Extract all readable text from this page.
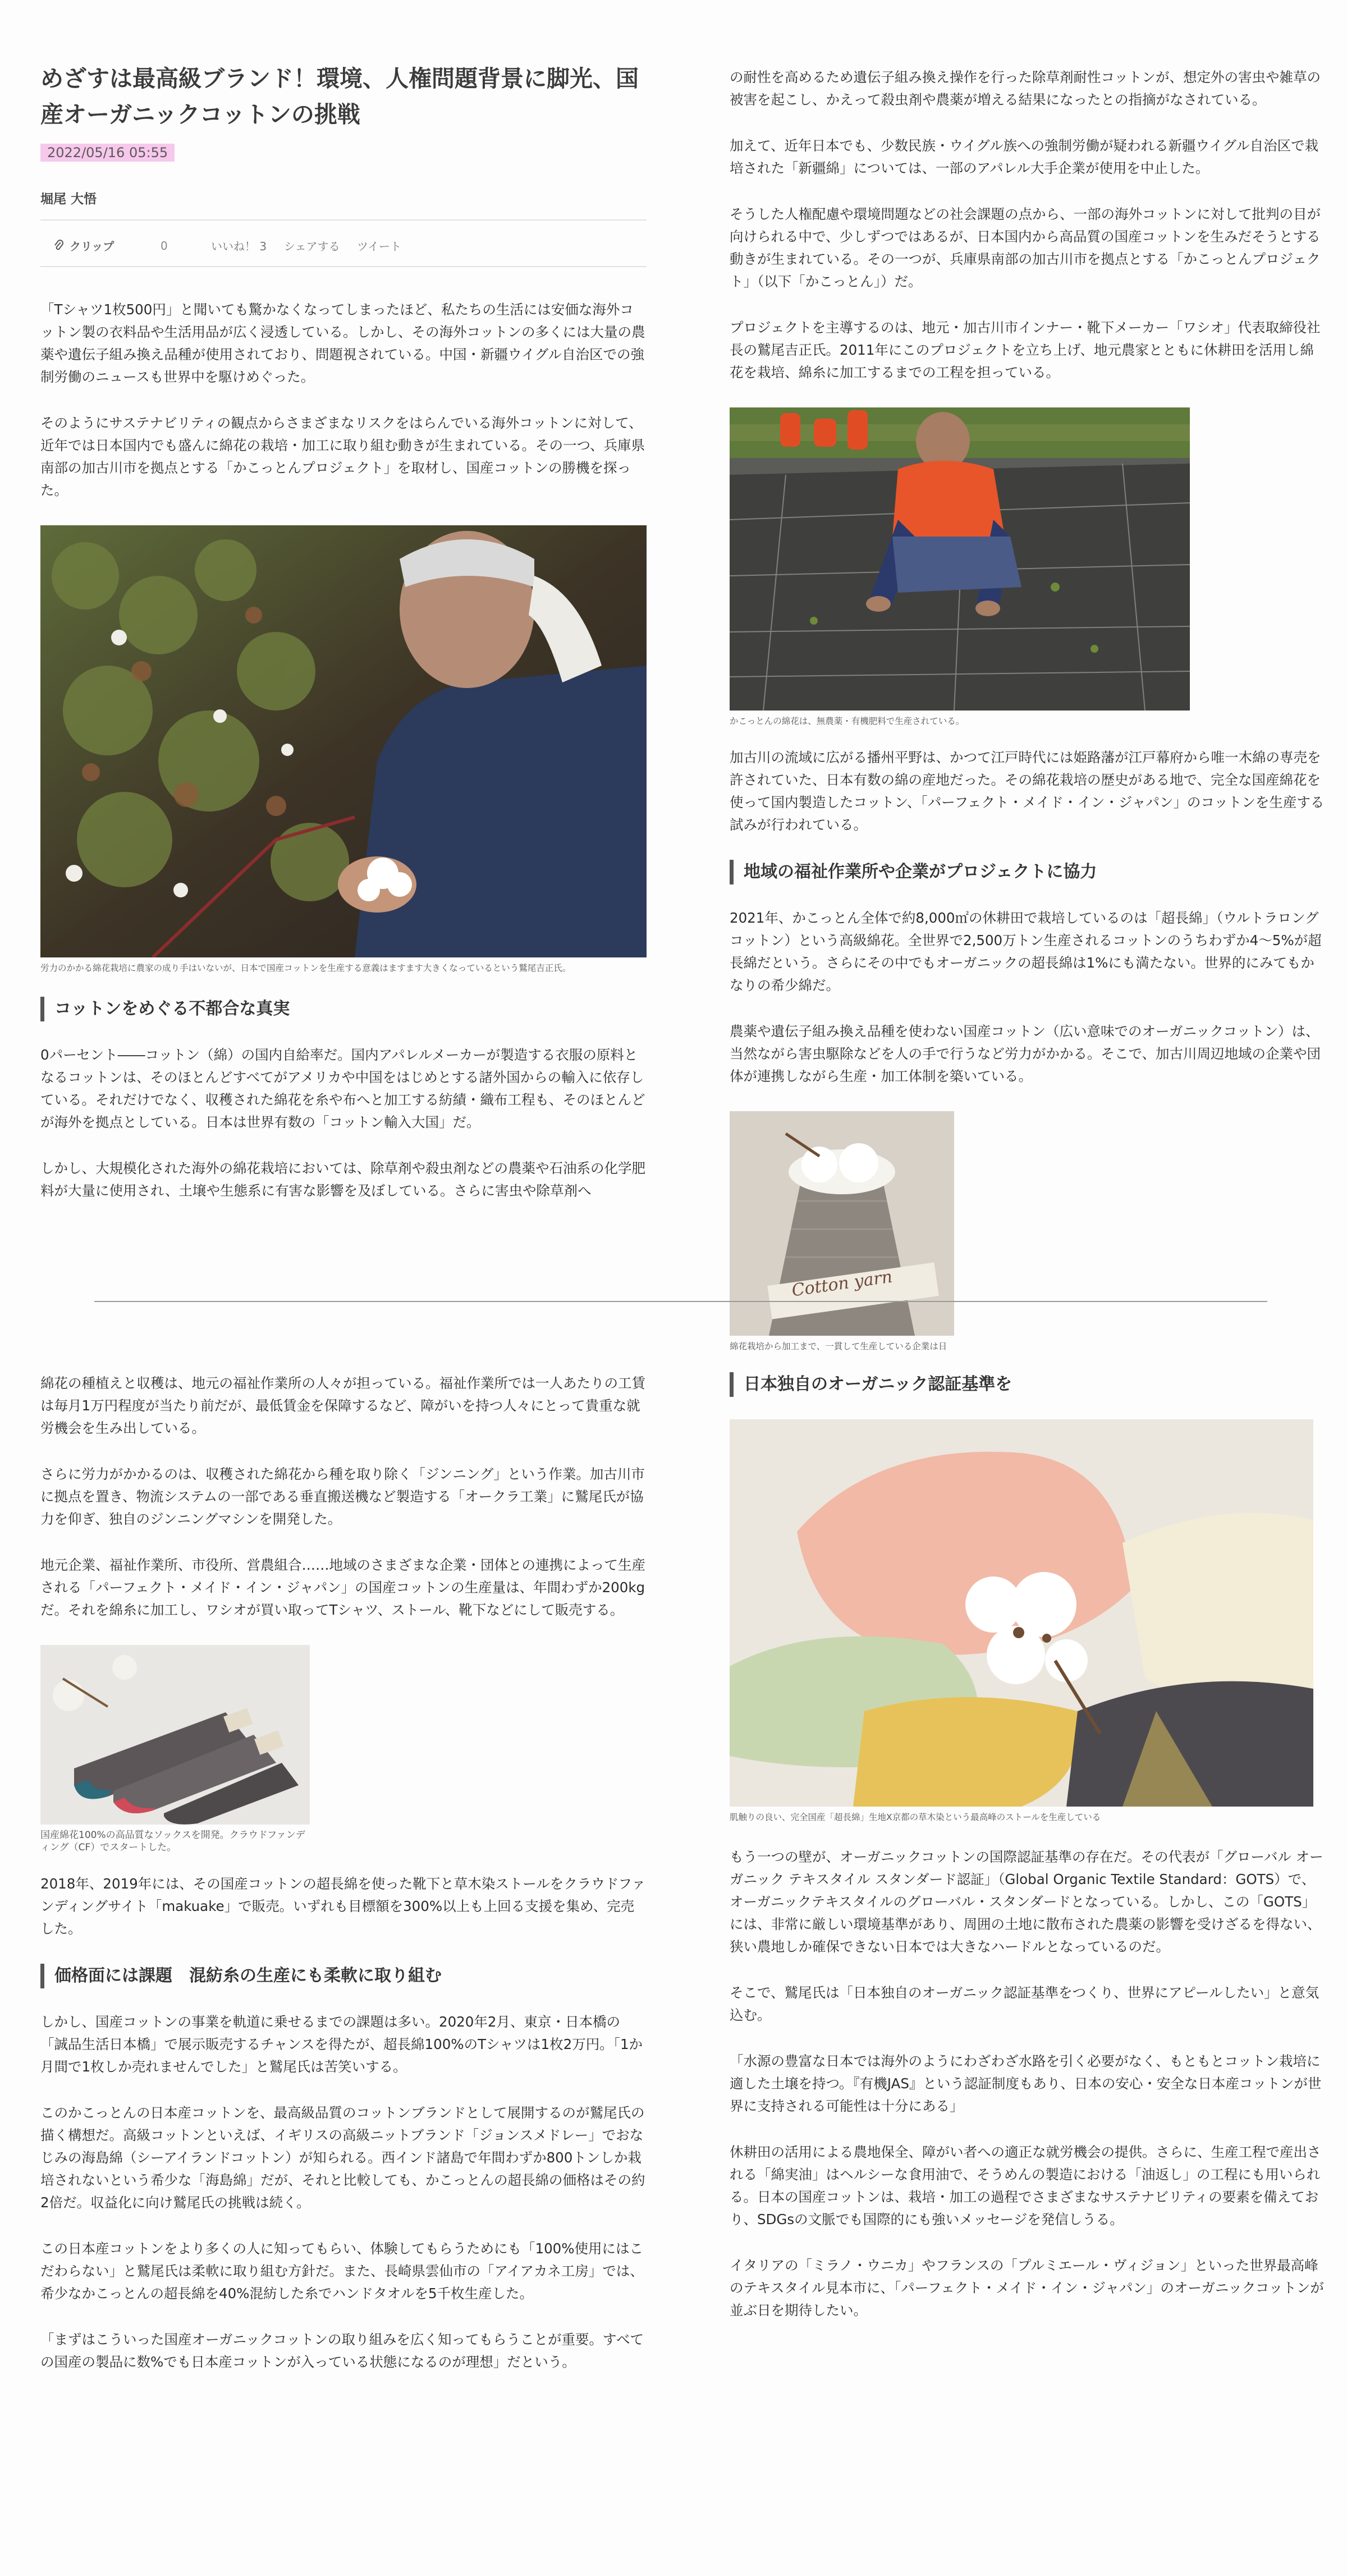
めざすは最高級ブランド！環境、人権問題背景に脚光、国産オーガニックコットンの挑戦
2022/05/16 05:55
堀尾 大悟
クリップ	0	いいね！ 3	シェアする	ツイート

「Tシャツ1枚500円」と聞いても驚かなくなってしまったほど、私たちの生活には安価な海外コットン製の衣料品や生活用品が広く浸透している。しかし、その海外コットンの多くには大量の農薬や遺伝子組み換え品種が使用されており、問題視されている。中国・新疆ウイグル自治区での強制労働のニュースも世界中を駆けめぐった。

そのようにサステナビリティの観点からさまざまなリスクをはらんでいる海外コットンに対して、近年では日本国内でも盛んに綿花の栽培・加工に取り組む動きが生まれている。その一つ、兵庫県南部の加古川市を拠点とする「かこっとんプロジェクト」を取材し、国産コットンの勝機を探った。

労力のかかる綿花栽培に農家の成り手はいないが、日本で国産コットンを生産する意義はますます大きくなっているという鷲尾吉正氏。
コットンをめぐる不都合な真実

0パーセント――コットン（綿）の国内自給率だ。国内アパレルメーカーが製造する衣服の原料となるコットンは、そのほとんどすべてがアメリカや中国をはじめとする諸外国からの輸入に依存している。それだけでなく、収穫された綿花を糸や布へと加工する紡績・織布工程も、そのほとんどが海外を拠点としている。日本は世界有数の「コットン輸入大国」だ。

しかし、大規模化された海外の綿花栽培においては、除草剤や殺虫剤などの農薬や石油系の化学肥料が大量に使用され、土壌や生態系に有害な影響を及ぼしている。さらに害虫や除草剤へ

の耐性を高めるため遺伝子組み換え操作を行った除草剤耐性コットンが、想定外の害虫や雑草の被害を起こし、かえって殺虫剤や農薬が増える結果になったとの指摘がなされている。

加えて、近年日本でも、少数民族・ウイグル族への強制労働が疑われる新疆ウイグル自治区で栽培された「新疆綿」については、一部のアパレル大手企業が使用を中止した。

そうした人権配慮や環境問題などの社会課題の点から、一部の海外コットンに対して批判の目が向けられる中で、少しずつではあるが、日本国内から高品質の国産コットンを生みだそうとする動きが生まれている。その一つが、兵庫県南部の加古川市を拠点とする「かこっとんプロジェクト」（以下「かこっとん」）だ。

プロジェクトを主導するのは、地元・加古川市インナー・靴下メーカー「ワシオ」代表取締役社長の鷲尾吉正氏。2011年にこのプロジェクトを立ち上げ、地元農家とともに休耕田を活用し綿花を栽培、綿糸に加工するまでの工程を担っている。

かこっとんの綿花は、無農薬・有機肥料で生産されている。

加古川の流域に広がる播州平野は、かつて江戸時代には姫路藩が江戸幕府から唯一木綿の専売を許されていた、日本有数の綿の産地だった。その綿花栽培の歴史がある地で、完全な国産綿花を使って国内製造したコットン、「パーフェクト・メイド・イン・ジャパン」のコットンを生産する試みが行われている。

地域の福祉作業所や企業がプロジェクトに協力

2021年、かこっとん全体で約8,000㎡の休耕田で栽培しているのは「超長綿」（ウルトラロングコットン）という高級綿花。全世界で2,500万トン生産されるコットンのうちわずか4～5%が超長綿だという。さらにその中でもオーガニックの超長綿は1%にも満たない。世界的にみてもかなりの希少綿だ。

農薬や遺伝子組み換え品種を使わない国産コットン（広い意味でのオーガニックコットン）は、当然ながら害虫駆除などを人の手で行うなど労力がかかる。そこで、加古川周辺地域の企業や団体が連携しながら生産・加工体制を築いている。

Cotton yarn
綿花栽培から加工まで、一貫して生産している企業は日

綿花の種植えと収穫は、地元の福祉作業所の人々が担っている。福祉作業所では一人あたりの工賃は毎月1万円程度が当たり前だが、最低賃金を保障するなど、障がいを持つ人々にとって貴重な就労機会を生み出している。

さらに労力がかかるのは、収穫された綿花から種を取り除く「ジンニング」という作業。加古川市に拠点を置き、物流システムの一部である垂直搬送機など製造する「オークラ工業」に鷲尾氏が協力を仰ぎ、独自のジンニングマシンを開発した。

地元企業、福祉作業所、市役所、営農組合……地域のさまざまな企業・団体との連携によって生産される「パーフェクト・メイド・イン・ジャパン」の国産コットンの生産量は、年間わずか200kgだ。それを綿糸に加工し、ワシオが買い取ってTシャツ、ストール、靴下などにして販売する。

国産綿花100%の高品質なソックスを開発。クラウドファンディング（CF）でスタートした。

2018年、2019年には、その国産コットンの超長綿を使った靴下と草木染ストールをクラウドファンディングサイト「makuake」で販売。いずれも目標額を300%以上も上回る支援を集め、完売した。

価格面には課題　混紡糸の生産にも柔軟に取り組む

しかし、国産コットンの事業を軌道に乗せるまでの課題は多い。2020年2月、東京・日本橋の「誠品生活日本橋」で展示販売するチャンスを得たが、超長綿100%のTシャツは1枚2万円。「1か月間で1枚しか売れませんでした」と鷲尾氏は苦笑いする。

このかこっとんの日本産コットンを、最高級品質のコットンブランドとして展開するのが鷲尾氏の描く構想だ。高級コットンといえば、イギリスの高級ニットブランド「ジョンスメドレー」でおなじみの海島綿（シーアイランドコットン）が知られる。西インド諸島で年間わずか800トンしか栽培されないという希少な「海島綿」だが、それと比較しても、かこっとんの超長綿の価格はその約2倍だ。収益化に向け鷲尾氏の挑戦は続く。

この日本産コットンをより多くの人に知ってもらい、体験してもらうためにも「100%使用にはこだわらない」と鷲尾氏は柔軟に取り組む方針だ。また、長崎県雲仙市の「アイアカネ工房」では、希少なかこっとんの超長綿を40%混紡した糸でハンドタオルを5千枚生産した。

「まずはこういった国産オーガニックコットンの取り組みを広く知ってもらうことが重要。すべての国産の製品に数%でも日本産コットンが入っている状態になるのが理想」だという。

日本独自のオーガニック認証基準を
肌触りの良い、完全国産「超長綿」生地X京都の草木染という最高峰のストールを生産している

もう一つの壁が、オーガニックコットンの国際認証基準の存在だ。その代表が「グローバル オーガニック テキスタイル スタンダード認証」（Global Organic Textile Standard：GOTS）で、オーガニックテキスタイルのグローバル・スタンダードとなっている。しかし、この「GOTS」には、非常に厳しい環境基準があり、周囲の土地に散布された農薬の影響を受けざるを得ない、狭い農地しか確保できない日本では大きなハードルとなっているのだ。

そこで、鷲尾氏は「日本独自のオーガニック認証基準をつくり、世界にアピールしたい」と意気込む。

「水源の豊富な日本では海外のようにわざわざ水路を引く必要がなく、もともとコットン栽培に適した土壌を持つ。『有機JAS』という認証制度もあり、日本の安心・安全な日本産コットンが世界に支持される可能性は十分にある」

休耕田の活用による農地保全、障がい者への適正な就労機会の提供。さらに、生産工程で産出される「綿実油」はヘルシーな食用油で、そうめんの製造における「油返し」の工程にも用いられる。日本の国産コットンは、栽培・加工の過程でさまざまなサステナビリティの要素を備えており、SDGsの文脈でも国際的にも強いメッセージを発信しうる。

イタリアの「ミラノ・ウニカ」やフランスの「プルミエール・ヴィジョン」といった世界最高峰のテキスタイル見本市に、「パーフェクト・メイド・イン・ジャパン」のオーガニックコットンが並ぶ日を期待したい。
